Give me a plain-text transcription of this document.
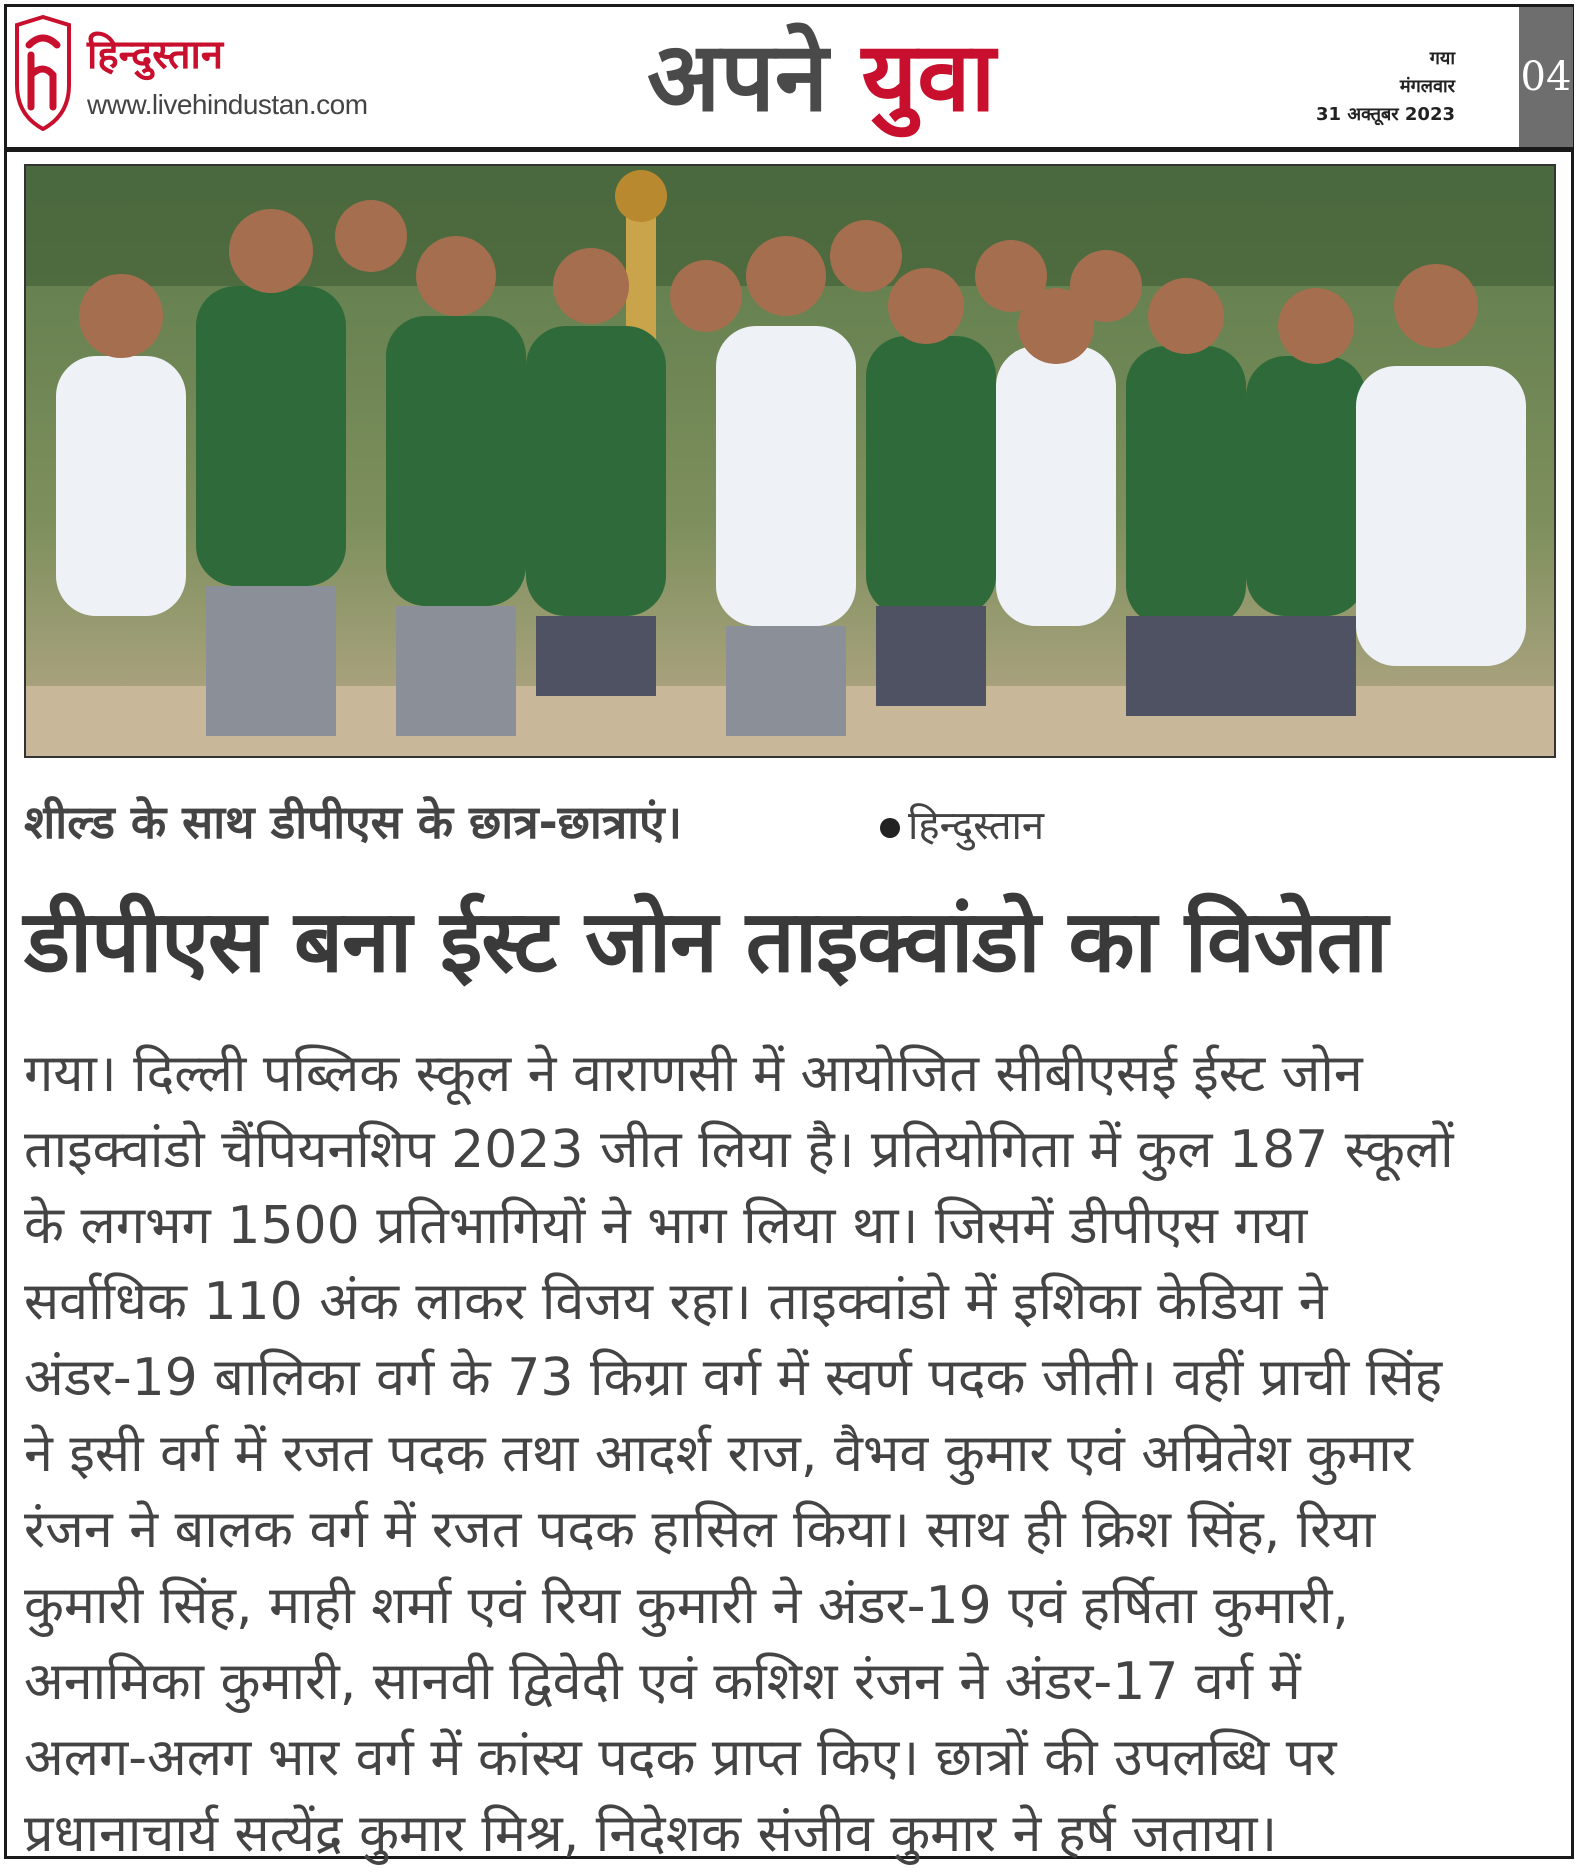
हिन्दुस्तान
www.livehindustan.com	अपने युवा	गया
मंगलवार
31 अक्तूबर 2023
04
शील्ड के साथ डीपीएस के छात्र-छात्राएं।	हिन्दुस्तान
डीपीएस बना ईस्ट जोन ताइक्वांडो का विजेता
गया। दिल्ली पब्लिक स्कूल ने वाराणसी में आयोजित सीबीएसई ईस्ट जोन
ताइक्वांडो चैंपियनशिप 2023 जीत लिया है। प्रतियोगिता में कुल 187 स्कूलों
के लगभग 1500 प्रतिभागियों ने भाग लिया था। जिसमें डीपीएस गया
सर्वाधिक 110 अंक लाकर विजय रहा। ताइक्वांडो में इशिका केडिया ने
अंडर-19 बालिका वर्ग के 73 किग्रा वर्ग में स्वर्ण पदक जीती। वहीं प्राची सिंह
ने इसी वर्ग में रजत पदक तथा आदर्श राज, वैभव कुमार एवं अम्रितेश कुमार
रंजन ने बालक वर्ग में रजत पदक हासिल किया। साथ ही क्रिश सिंह, रिया
कुमारी सिंह, माही शर्मा एवं रिया कुमारी ने अंडर-19 एवं हर्षिता कुमारी,
अनामिका कुमारी, सानवी द्विवेदी एवं कशिश रंजन ने अंडर-17 वर्ग में
अलग-अलग भार वर्ग में कांस्य पदक प्राप्त किए। छात्रों की उपलब्धि पर
प्रधानाचार्य सत्येंद्र कुमार मिश्र, निदेशक संजीव कुमार ने हर्ष जताया।
